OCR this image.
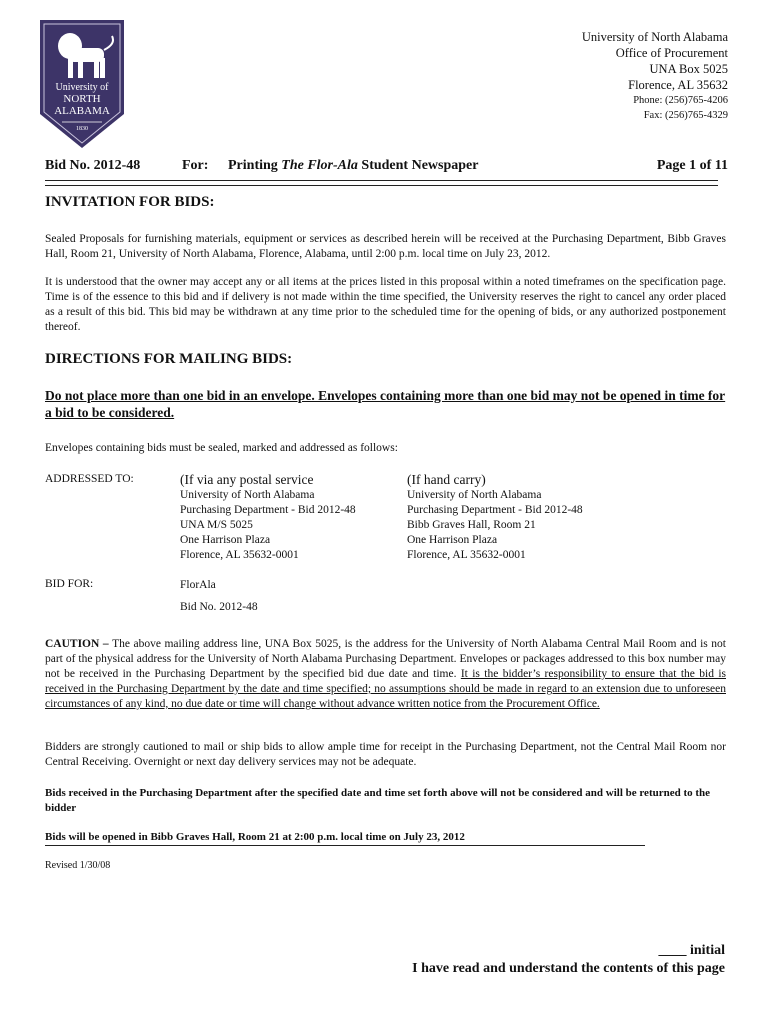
University of
NORTH
ALABAMA
1830
University of North Alabama
Office of Procurement
UNA Box 5025
Florence, AL 35632
Phone: (256)765-4206
Fax: (256)765-4329
Bid No. 2012-48	For: Printing The Flor-Ala Student Newspaper	Page 1 of 11
INVITATION FOR BIDS:
Sealed Proposals for furnishing materials, equipment or services as described herein will be received at the Purchasing Department, Bibb Graves Hall, Room 21, University of North Alabama, Florence, Alabama, until 2:00 p.m. local time on July 23, 2012.
It is understood that the owner may accept any or all items at the prices listed in this proposal within a noted timeframes on the specification page. Time is of the essence to this bid and if delivery is not made within the time specified, the University reserves the right to cancel any order placed as a result of this bid. This bid may be withdrawn at any time prior to the scheduled time for the opening of bids, or any authorized postponement thereof.
DIRECTIONS FOR MAILING BIDS:
Do not place more than one bid in an envelope. Envelopes containing more than one bid may not be opened in time for a bid to be considered.
Envelopes containing bids must be sealed, marked and addressed as follows:
ADDRESSED TO:	(If via any postal service
University of North Alabama
Purchasing Department - Bid 2012-48
UNA M/S 5025
One Harrison Plaza
Florence, AL 35632-0001
(If hand carry)
University of North Alabama
Purchasing Department - Bid 2012-48
Bibb Graves Hall, Room 21
One Harrison Plaza
Florence, AL 35632-0001
BID FOR:	FlorAla
Bid No. 2012-48
CAUTION – The above mailing address line, UNA Box 5025, is the address for the University of North Alabama Central Mail Room and is not part of the physical address for the University of North Alabama Purchasing Department. Envelopes or packages addressed to this box number may not be received in the Purchasing Department by the specified bid due date and time. It is the bidder’s responsibility to ensure that the bid is received in the Purchasing Department by the date and time specified; no assumptions should be made in regard to an extension due to unforeseen circumstances of any kind, no due date or time will change without advance written notice from the Procurement Office.
Bidders are strongly cautioned to mail or ship bids to allow ample time for receipt in the Purchasing Department, not the Central Mail Room nor Central Receiving. Overnight or next day delivery services may not be adequate.
Bids received in the Purchasing Department after the specified date and time set forth above will not be considered and will be returned to the bidder
Bids will be opened in Bibb Graves Hall, Room 21 at 2:00 p.m. local time on July 23, 2012
Revised 1/30/08
____ initial
I have read and understand the contents of this page
